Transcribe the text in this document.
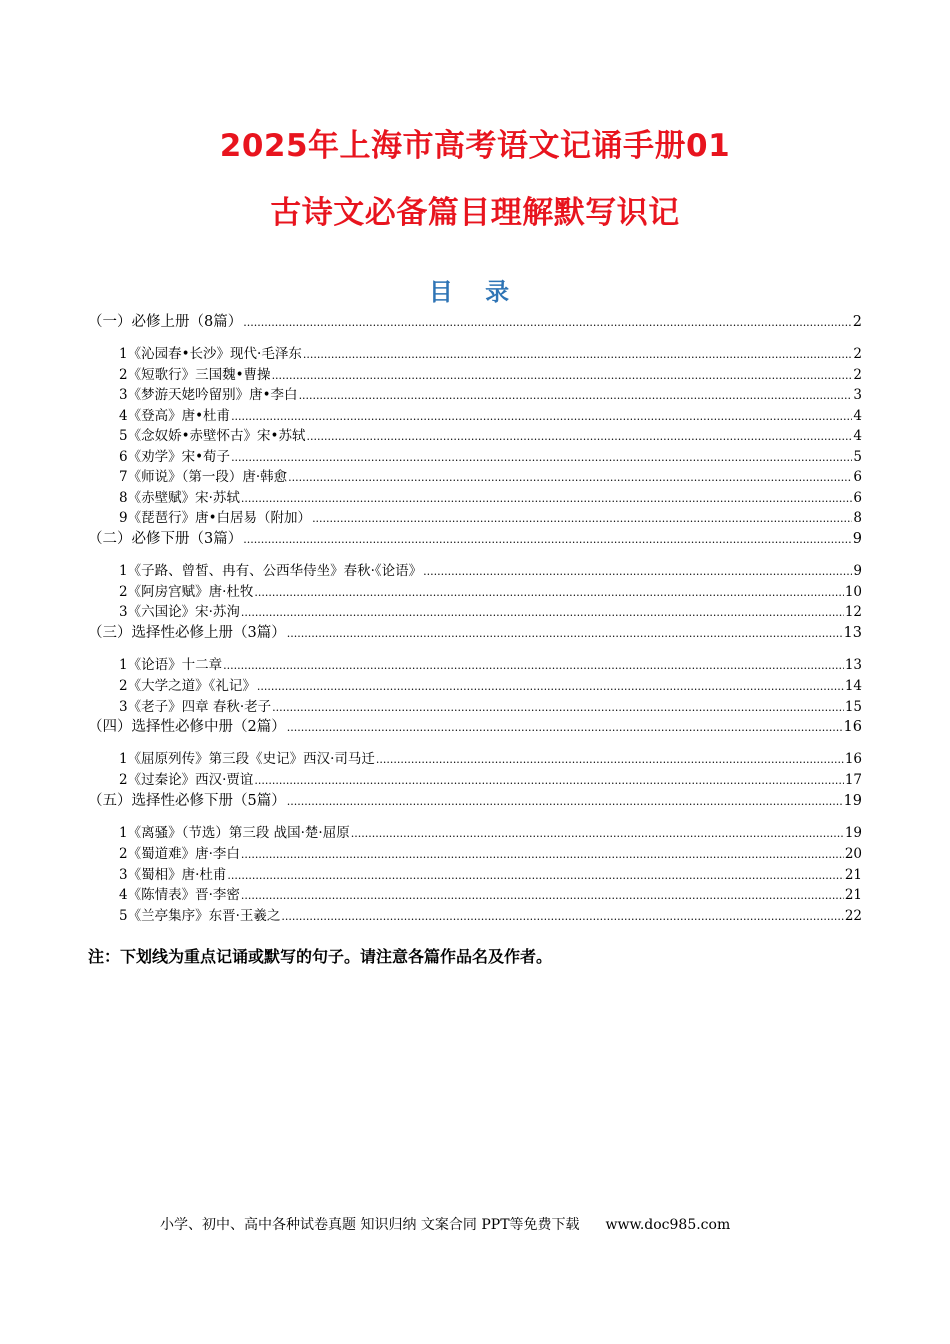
2025年上海市高考语文记诵手册01
古诗文必备篇目理解默写识记
目 录
（一）必修上册（8篇） .....	2
1《沁园春•长沙》现代·毛泽东 .....	2
2《短歌行》三国魏•曹操 .....	2
3《梦游天姥吟留别》唐•李白 .....	3
4《登高》唐•杜甫 .....	4
5《念奴娇•赤壁怀古》宋•苏轼 .....	4
6《劝学》宋•荀子 .....	5
7《师说》（第一段）唐·韩愈 .....	6
8《赤壁赋》宋·苏轼 .....	6
9《琵琶行》唐•白居易（附加） .....	8
（二）必修下册（3篇） .....	9
1《子路、曾皙、冉有、公西华侍坐》春秋·《论语》 .....	9
2《阿房宫赋》唐·杜牧 .....	10
3《六国论》宋·苏洵 .....	12
（三）选择性必修上册（3篇） .....	13
1《论语》十二章 .....	13
2《大学之道》《礼记》 .....	14
3《老子》四章 春秋·老子 .....	15
（四）选择性必修中册（2篇） .....	16
1《屈原列传》第三段《史记》西汉·司马迁 .....	16
2《过秦论》西汉·贾谊 .....	17
（五）选择性必修下册（5篇） .....	19
1《离骚》（节选）第三段 战国·楚·屈原 .....	19
2《蜀道难》唐·李白 .....	20
3《蜀相》唐·杜甫 .....	21
4《陈情表》晋·李密 .....	21
5《兰亭集序》东晋·王羲之 .....	22
注：下划线为重点记诵或默写的句子。请注意各篇作品名及作者。
小学、初中、高中各种试卷真题 知识归纳 文案合同 PPT等免费下载 www.doc985.com
